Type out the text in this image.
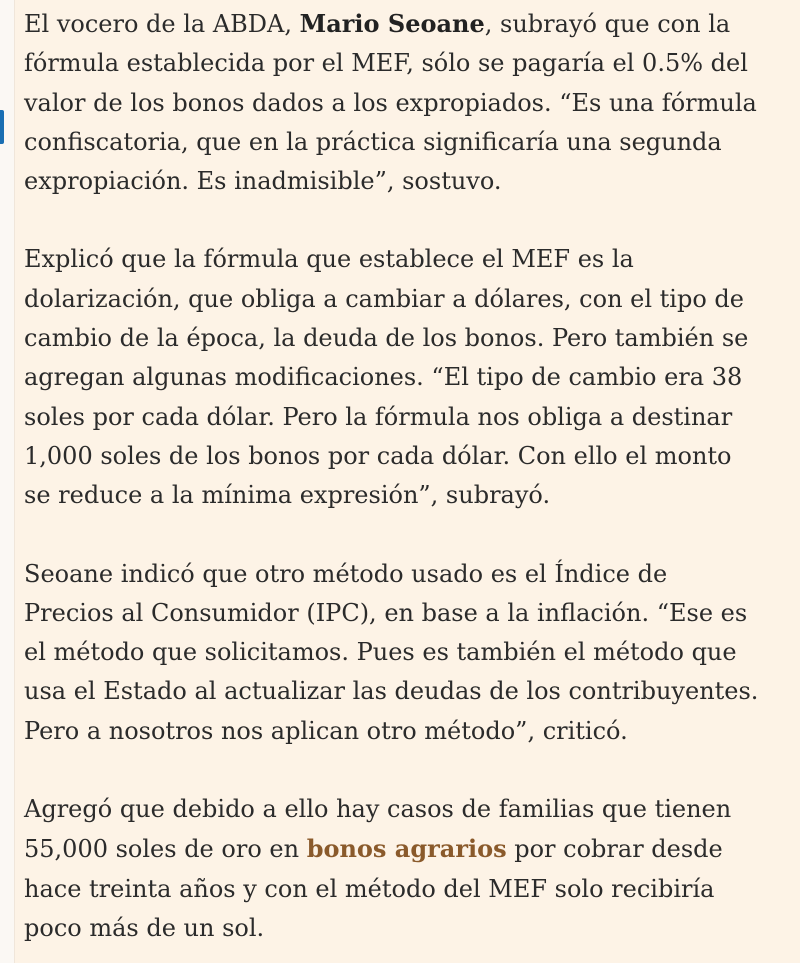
El vocero de la ABDA, Mario Seoane, subrayó que con la
fórmula establecida por el MEF, sólo se pagaría el 0.5% del
valor de los bonos dados a los expropiados. “Es una fórmula
confiscatoria, que en la práctica significaría una segunda
expropiación. Es inadmisible”, sostuvo.

Explicó que la fórmula que establece el MEF es la
dolarización, que obliga a cambiar a dólares, con el tipo de
cambio de la época, la deuda de los bonos. Pero también se
agregan algunas modificaciones. “El tipo de cambio era 38
soles por cada dólar. Pero la fórmula nos obliga a destinar
1,000 soles de los bonos por cada dólar. Con ello el monto
se reduce a la mínima expresión”, subrayó.

Seoane indicó que otro método usado es el Índice de
Precios al Consumidor (IPC), en base a la inflación. “Ese es
el método que solicitamos. Pues es también el método que
usa el Estado al actualizar las deudas de los contribuyentes.
Pero a nosotros nos aplican otro método”, criticó.

Agregó que debido a ello hay casos de familias que tienen
55,000 soles de oro en bonos agrarios por cobrar desde
hace treinta años y con el método del MEF solo recibiría
poco más de un sol.
